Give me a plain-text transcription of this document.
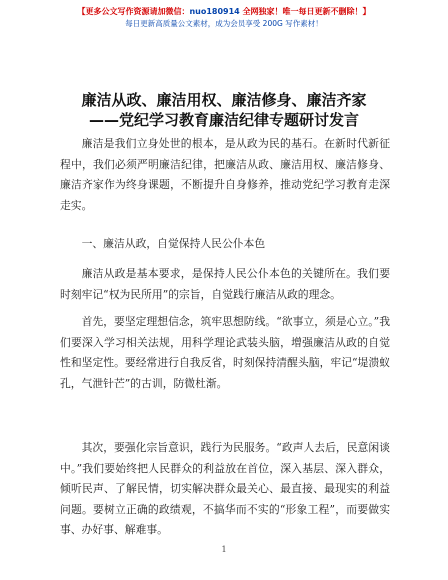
【更多公文写作资源请加微信：nuo180914 全网独家！唯一每日更新不删除！】
每日更新高质量公文素材，成为会员享受 200G 写作素材！
廉洁从政、廉洁用权、廉洁修身、廉洁齐家
——党纪学习教育廉洁纪律专题研讨发言
廉洁是我们立身处世的根本，是从政为民的基石。在新时代新征程中，我们必须严明廉洁纪律，把廉洁从政、廉洁用权、廉洁修身、廉洁齐家作为终身课题，不断提升自身修养，推动党纪学习教育走深走实。
一、廉洁从政，自觉保持人民公仆本色
廉洁从政是基本要求，是保持人民公仆本色的关键所在。我们要时刻牢记“权为民所用”的宗旨，自觉践行廉洁从政的理念。
首先，要坚定理想信念，筑牢思想防线。“欲事立，须是心立。”我们要深入学习相关法规，用科学理论武装头脑，增强廉洁从政的自觉性和坚定性。要经常进行自我反省，时刻保持清醒头脑，牢记“堤溃蚁孔，气泄针芒”的古训，防微杜渐。
其次，要强化宗旨意识，践行为民服务。“政声人去后，民意闲谈中。”我们要始终把人民群众的利益放在首位，深入基层、深入群众，倾听民声、了解民情，切实解决群众最关心、最直接、最现实的利益问题。要树立正确的政绩观，不搞华而不实的“形象工程”，而要做实事、办好事、解难事。
1
